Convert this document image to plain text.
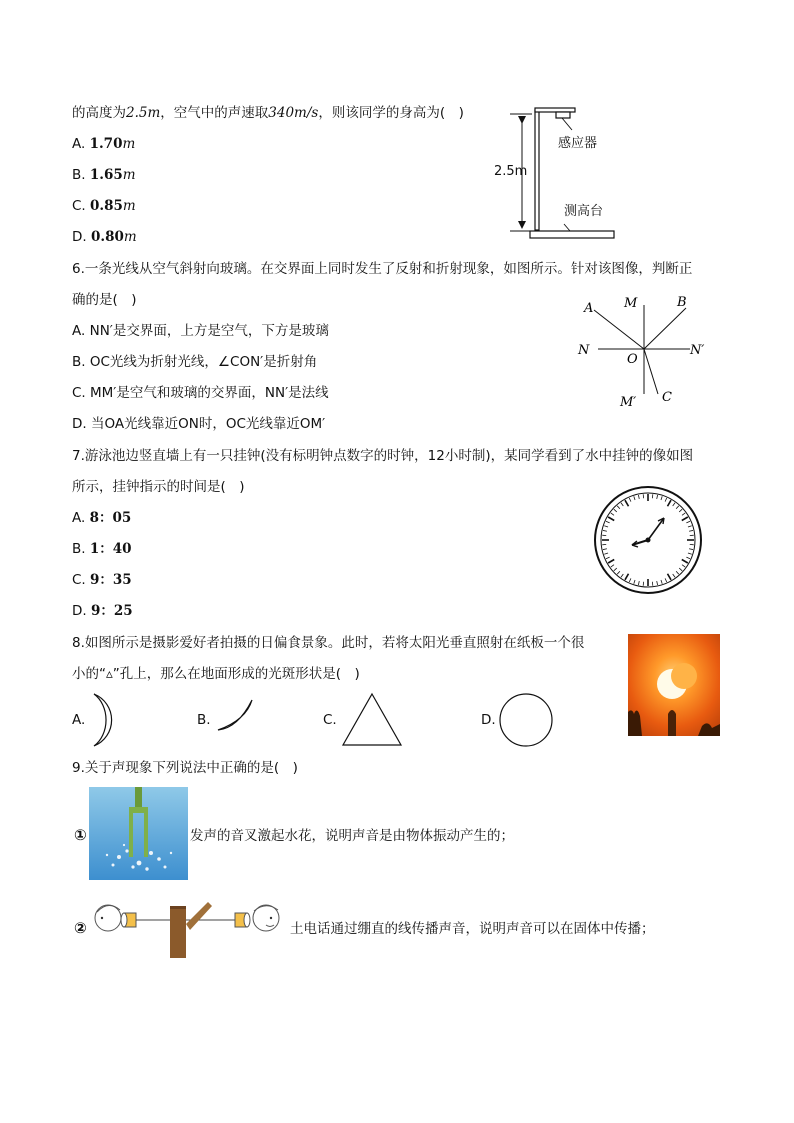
的高度为2.5m，空气中的声速取340m/s，则该同学的身高为(　)
A. 1.70m
B. 1.65m
C. 0.85m
D. 0.80m
感应器
2.5m
测高台
6.一条光线从空气斜射向玻璃。在交界面上同时发生了反射和折射现象，如图所示。针对该图像，判断正
确的是(　)
A. NN′是交界面，上方是空气，下方是玻璃
B. OC光线为折射光线，∠CON′是折射角
C. MM′是空气和玻璃的交界面，NN′是法线
D. 当OA光线靠近ON时，OC光线靠近OM′
A M	B
N
O
N′
M′ C
7.游泳池边竖直墙上有一只挂钟(没有标明钟点数字的时钟，12小时制)，某同学看到了水中挂钟的像如图
所示，挂钟指示的时间是(　)
A. 8：05
B. 1：40
C. 9：35
D. 9：25
8.如图所示是摄影爱好者拍摄的日偏食景象。此时，若将太阳光垂直照射在纸板一个很
小的“▵”孔上，那么在地面形成的光斑形状是(　)
A.	B.	C.	D.
9.关于声现象下列说法中正确的是(　)
①	发声的音叉激起水花，说明声音是由物体振动产生的；
②	土电话通过绷直的线传播声音，说明声音可以在固体中传播；
